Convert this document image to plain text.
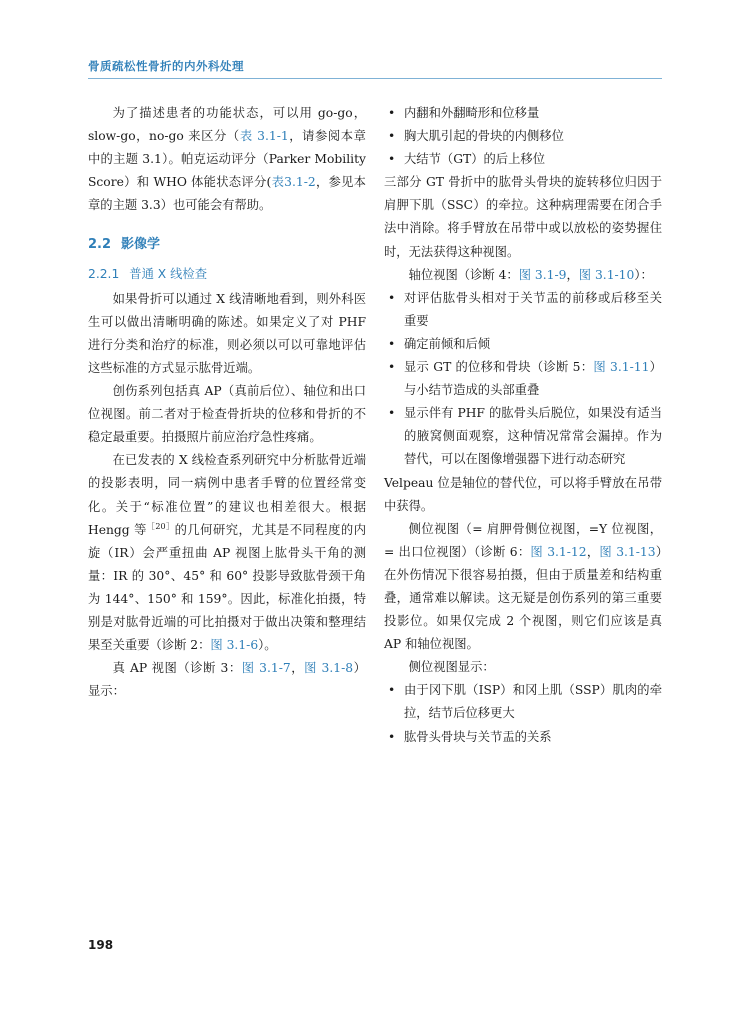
骨质疏松性骨折的内外科处理

为了描述患者的功能状态，可以用 go-go，slow-go，no-go 来区分（表 3.1-1，请参阅本章中的主题 3.1）。帕克运动评分（Parker Mobility Score）和 WHO 体能状态评分(表3.1-2，参见本章的主题 3.3）也可能会有帮助。

2.2 影像学
2.2.1 普通 X 线检查

如果骨折可以通过 X 线清晰地看到，则外科医生可以做出清晰明确的陈述。如果定义了对 PHF 进行分类和治疗的标准，则必须以可以可靠地评估这些标准的方式显示肱骨近端。

创伤系列包括真 AP（真前后位）、轴位和出口位视图。前二者对于检查骨折块的位移和骨折的不稳定最重要。拍摄照片前应治疗急性疼痛。

在已发表的 X 线检查系列研究中分析肱骨近端的投影表明，同一病例中患者手臂的位置经常变化。关于“标准位置”的建议也相差很大。根据 Hengg 等$^{[20]}$的几何研究，尤其是不同程度的内旋（IR）会严重扭曲 AP 视图上肱骨头干角的测量：IR 的 30°、45° 和 60° 投影导致肱骨颈干角为 144°、150° 和 159°。因此，标准化拍摄，特别是对肱骨近端的可比拍摄对于做出决策和整理结果至关重要（诊断 2：图 3.1-6）。

真 AP 视图（诊断 3：图 3.1-7，图 3.1-8）显示：

• 内翻和外翻畸形和位移量
• 胸大肌引起的骨块的内侧移位
• 大结节（GT）的后上移位

三部分 GT 骨折中的肱骨头骨块的旋转移位归因于肩胛下肌（SSC）的牵拉。这种病理需要在闭合手法中消除。将手臂放在吊带中或以放松的姿势握住时，无法获得这种视图。

轴位视图（诊断 4：图 3.1-9，图 3.1-10）：

• 对评估肱骨头相对于关节盂的前移或后移至关重要
• 确定前倾和后倾
• 显示 GT 的位移和骨块（诊断 5：图 3.1-11）与小结节造成的头部重叠
• 显示伴有 PHF 的肱骨头后脱位，如果没有适当的腋窝侧面观察，这种情况常常会漏掉。作为替代，可以在图像增强器下进行动态研究

Velpeau 位是轴位的替代位，可以将手臂放在吊带中获得。

侧位视图（= 肩胛骨侧位视图，=Y 位视图，= 出口位视图）（诊断 6：图 3.1-12，图 3.1-13）在外伤情况下很容易拍摄，但由于质量差和结构重叠，通常难以解读。这无疑是创伤系列的第三重要投影位。如果仅完成 2 个视图，则它们应该是真 AP 和轴位视图。

侧位视图显示：

• 由于冈下肌（ISP）和冈上肌（SSP）肌肉的牵拉，结节后位移更大
• 肱骨头骨块与关节盂的关系
198
